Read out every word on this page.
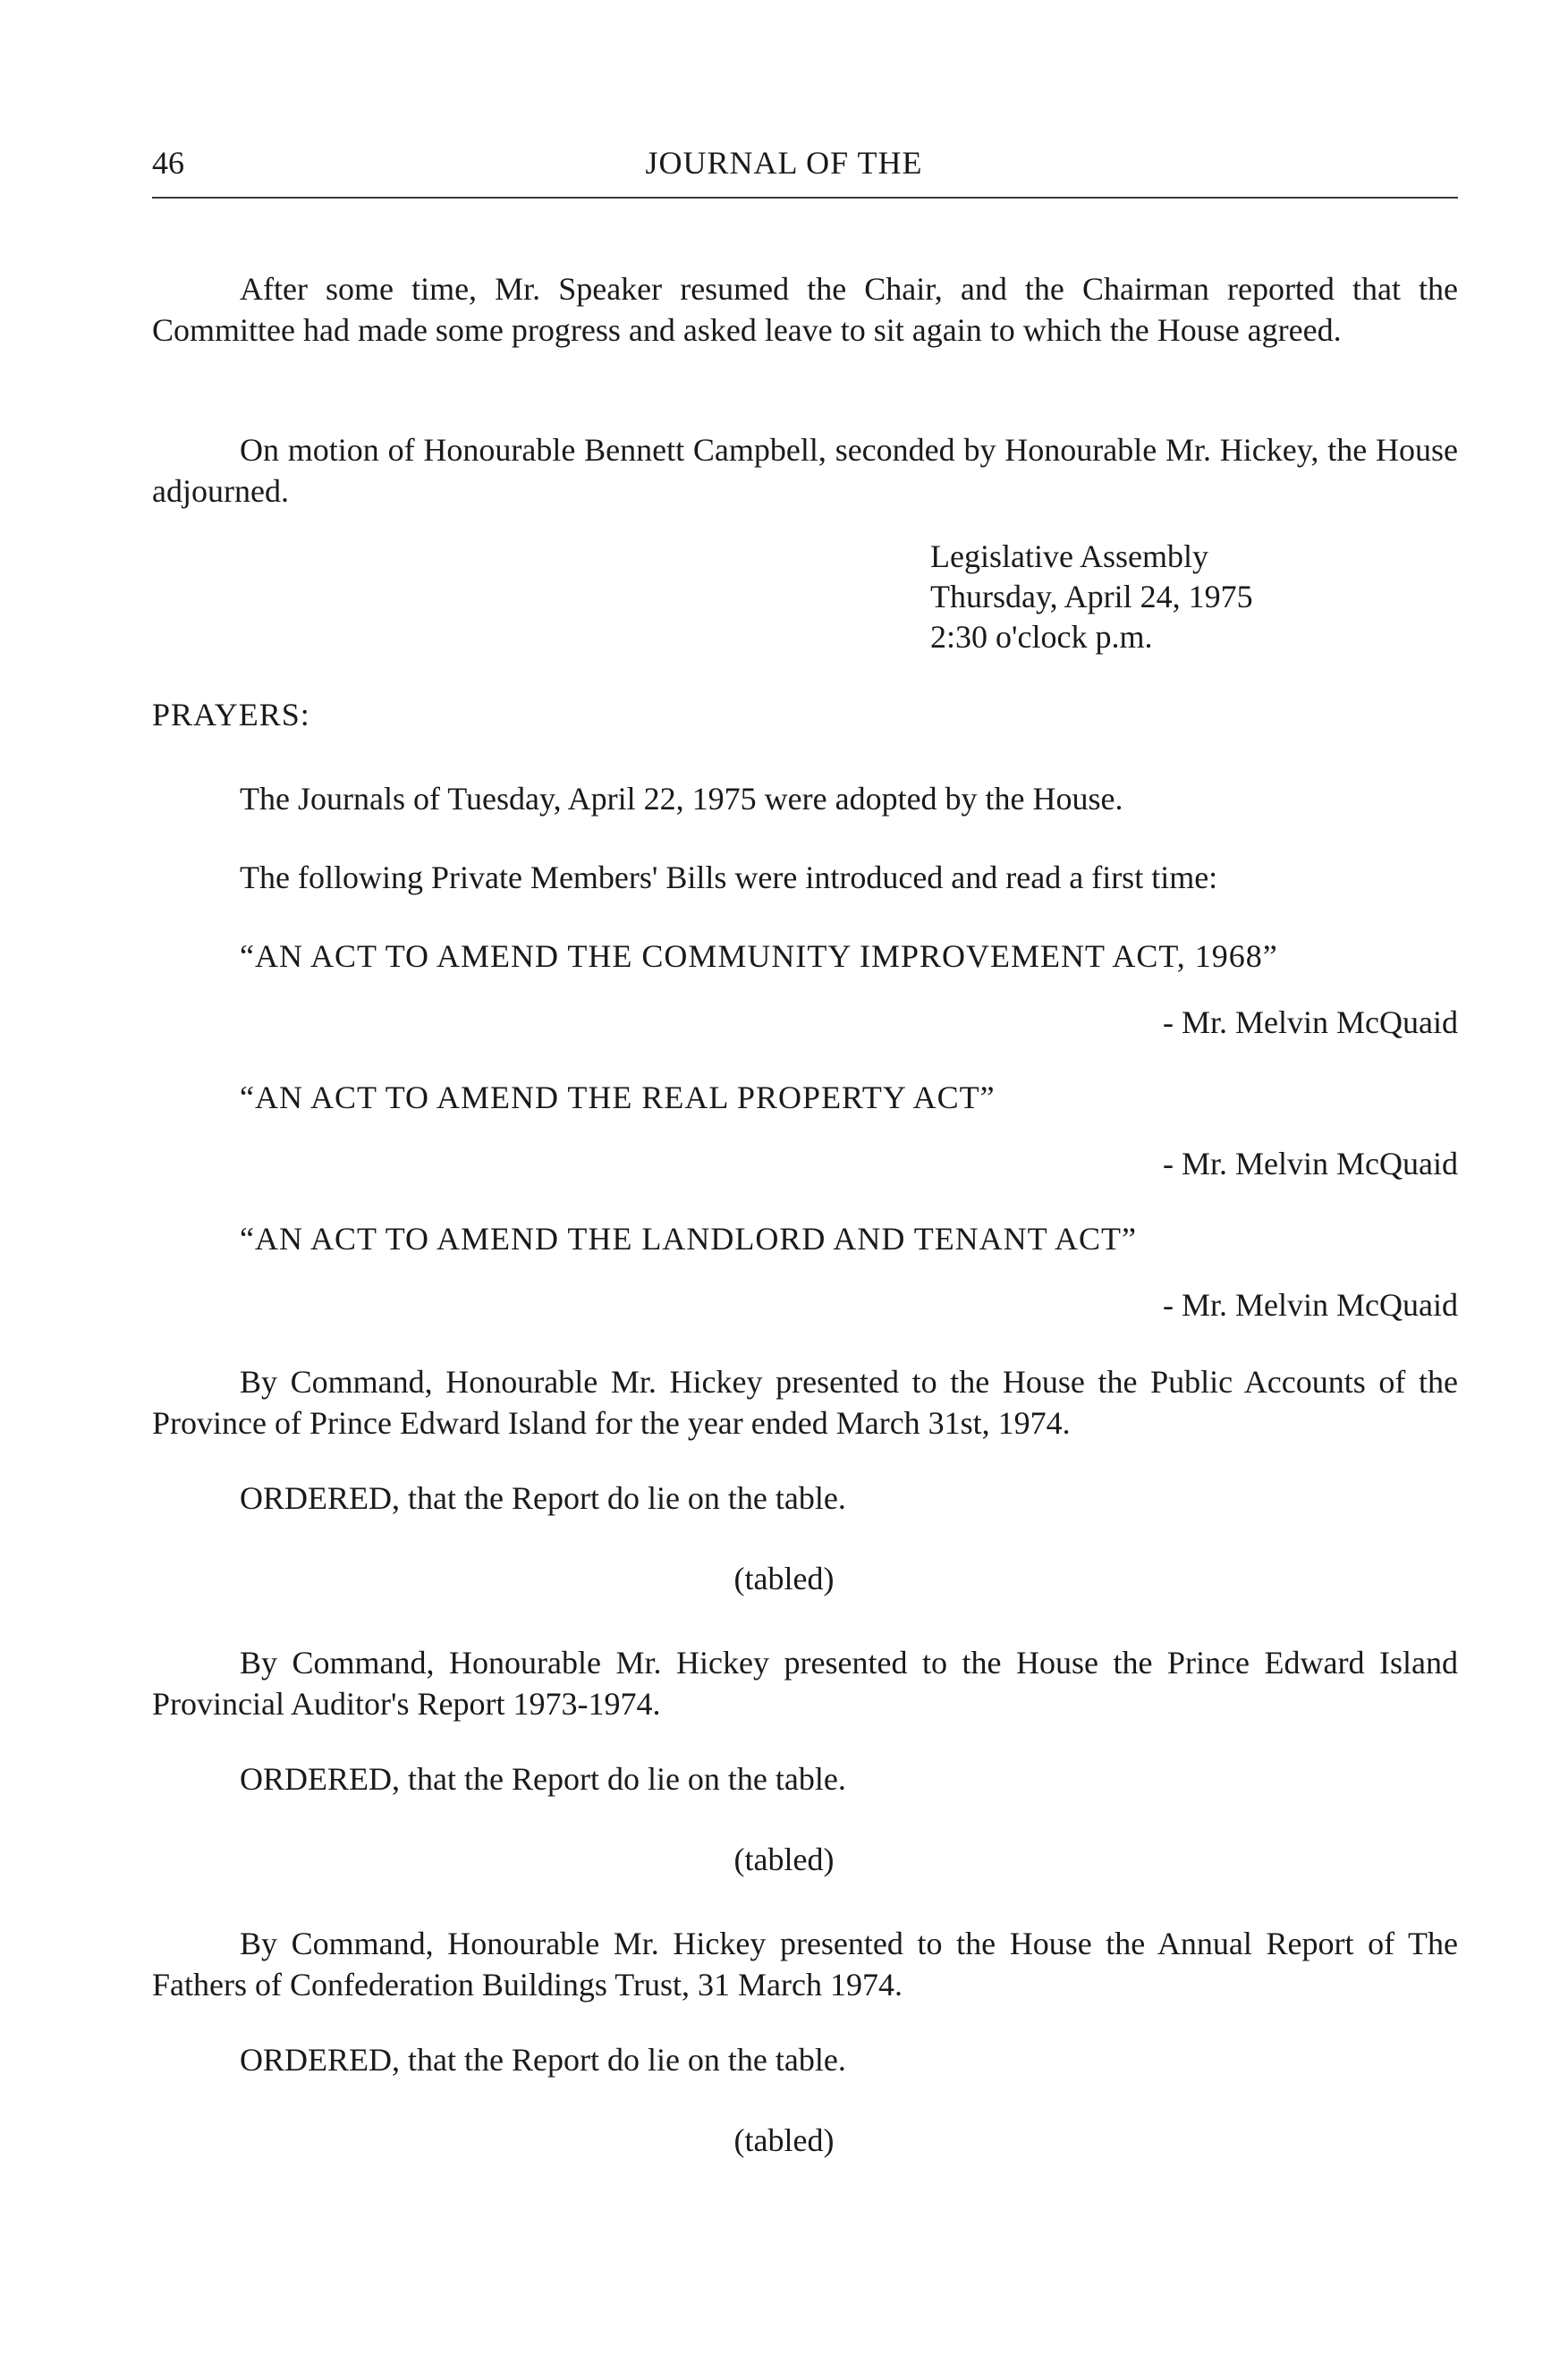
46	JOURNAL OF THE

After some time, Mr. Speaker resumed the Chair, and the Chairman reported that the Committee had made some progress and asked leave to sit again to which the House agreed.

On motion of Honourable Bennett Campbell, seconded by Honourable Mr. Hickey, the House adjourned.

Legislative Assembly
Thursday, April 24, 1975
2:30 o'clock p.m.
PRAYERS:
The Journals of Tuesday, April 22, 1975 were adopted by the House.
The following Private Members' Bills were introduced and read a first time:
“AN ACT TO AMEND THE COMMUNITY IMPROVEMENT ACT, 1968”
- Mr. Melvin McQuaid
“AN ACT TO AMEND THE REAL PROPERTY ACT”
- Mr. Melvin McQuaid
“AN ACT TO AMEND THE LANDLORD AND TENANT ACT”
- Mr. Melvin McQuaid

By Command, Honourable Mr. Hickey presented to the House the Public Accounts of the Province of Prince Edward Island for the year ended March 31st, 1974.

ORDERED, that the Report do lie on the table.
(tabled)

By Command, Honourable Mr. Hickey presented to the House the Prince Edward Island Provincial Auditor's Report 1973-1974.

ORDERED, that the Report do lie on the table.
(tabled)

By Command, Honourable Mr. Hickey presented to the House the Annual Report of The Fathers of Confederation Buildings Trust, 31 March 1974.

ORDERED, that the Report do lie on the table.
(tabled)
